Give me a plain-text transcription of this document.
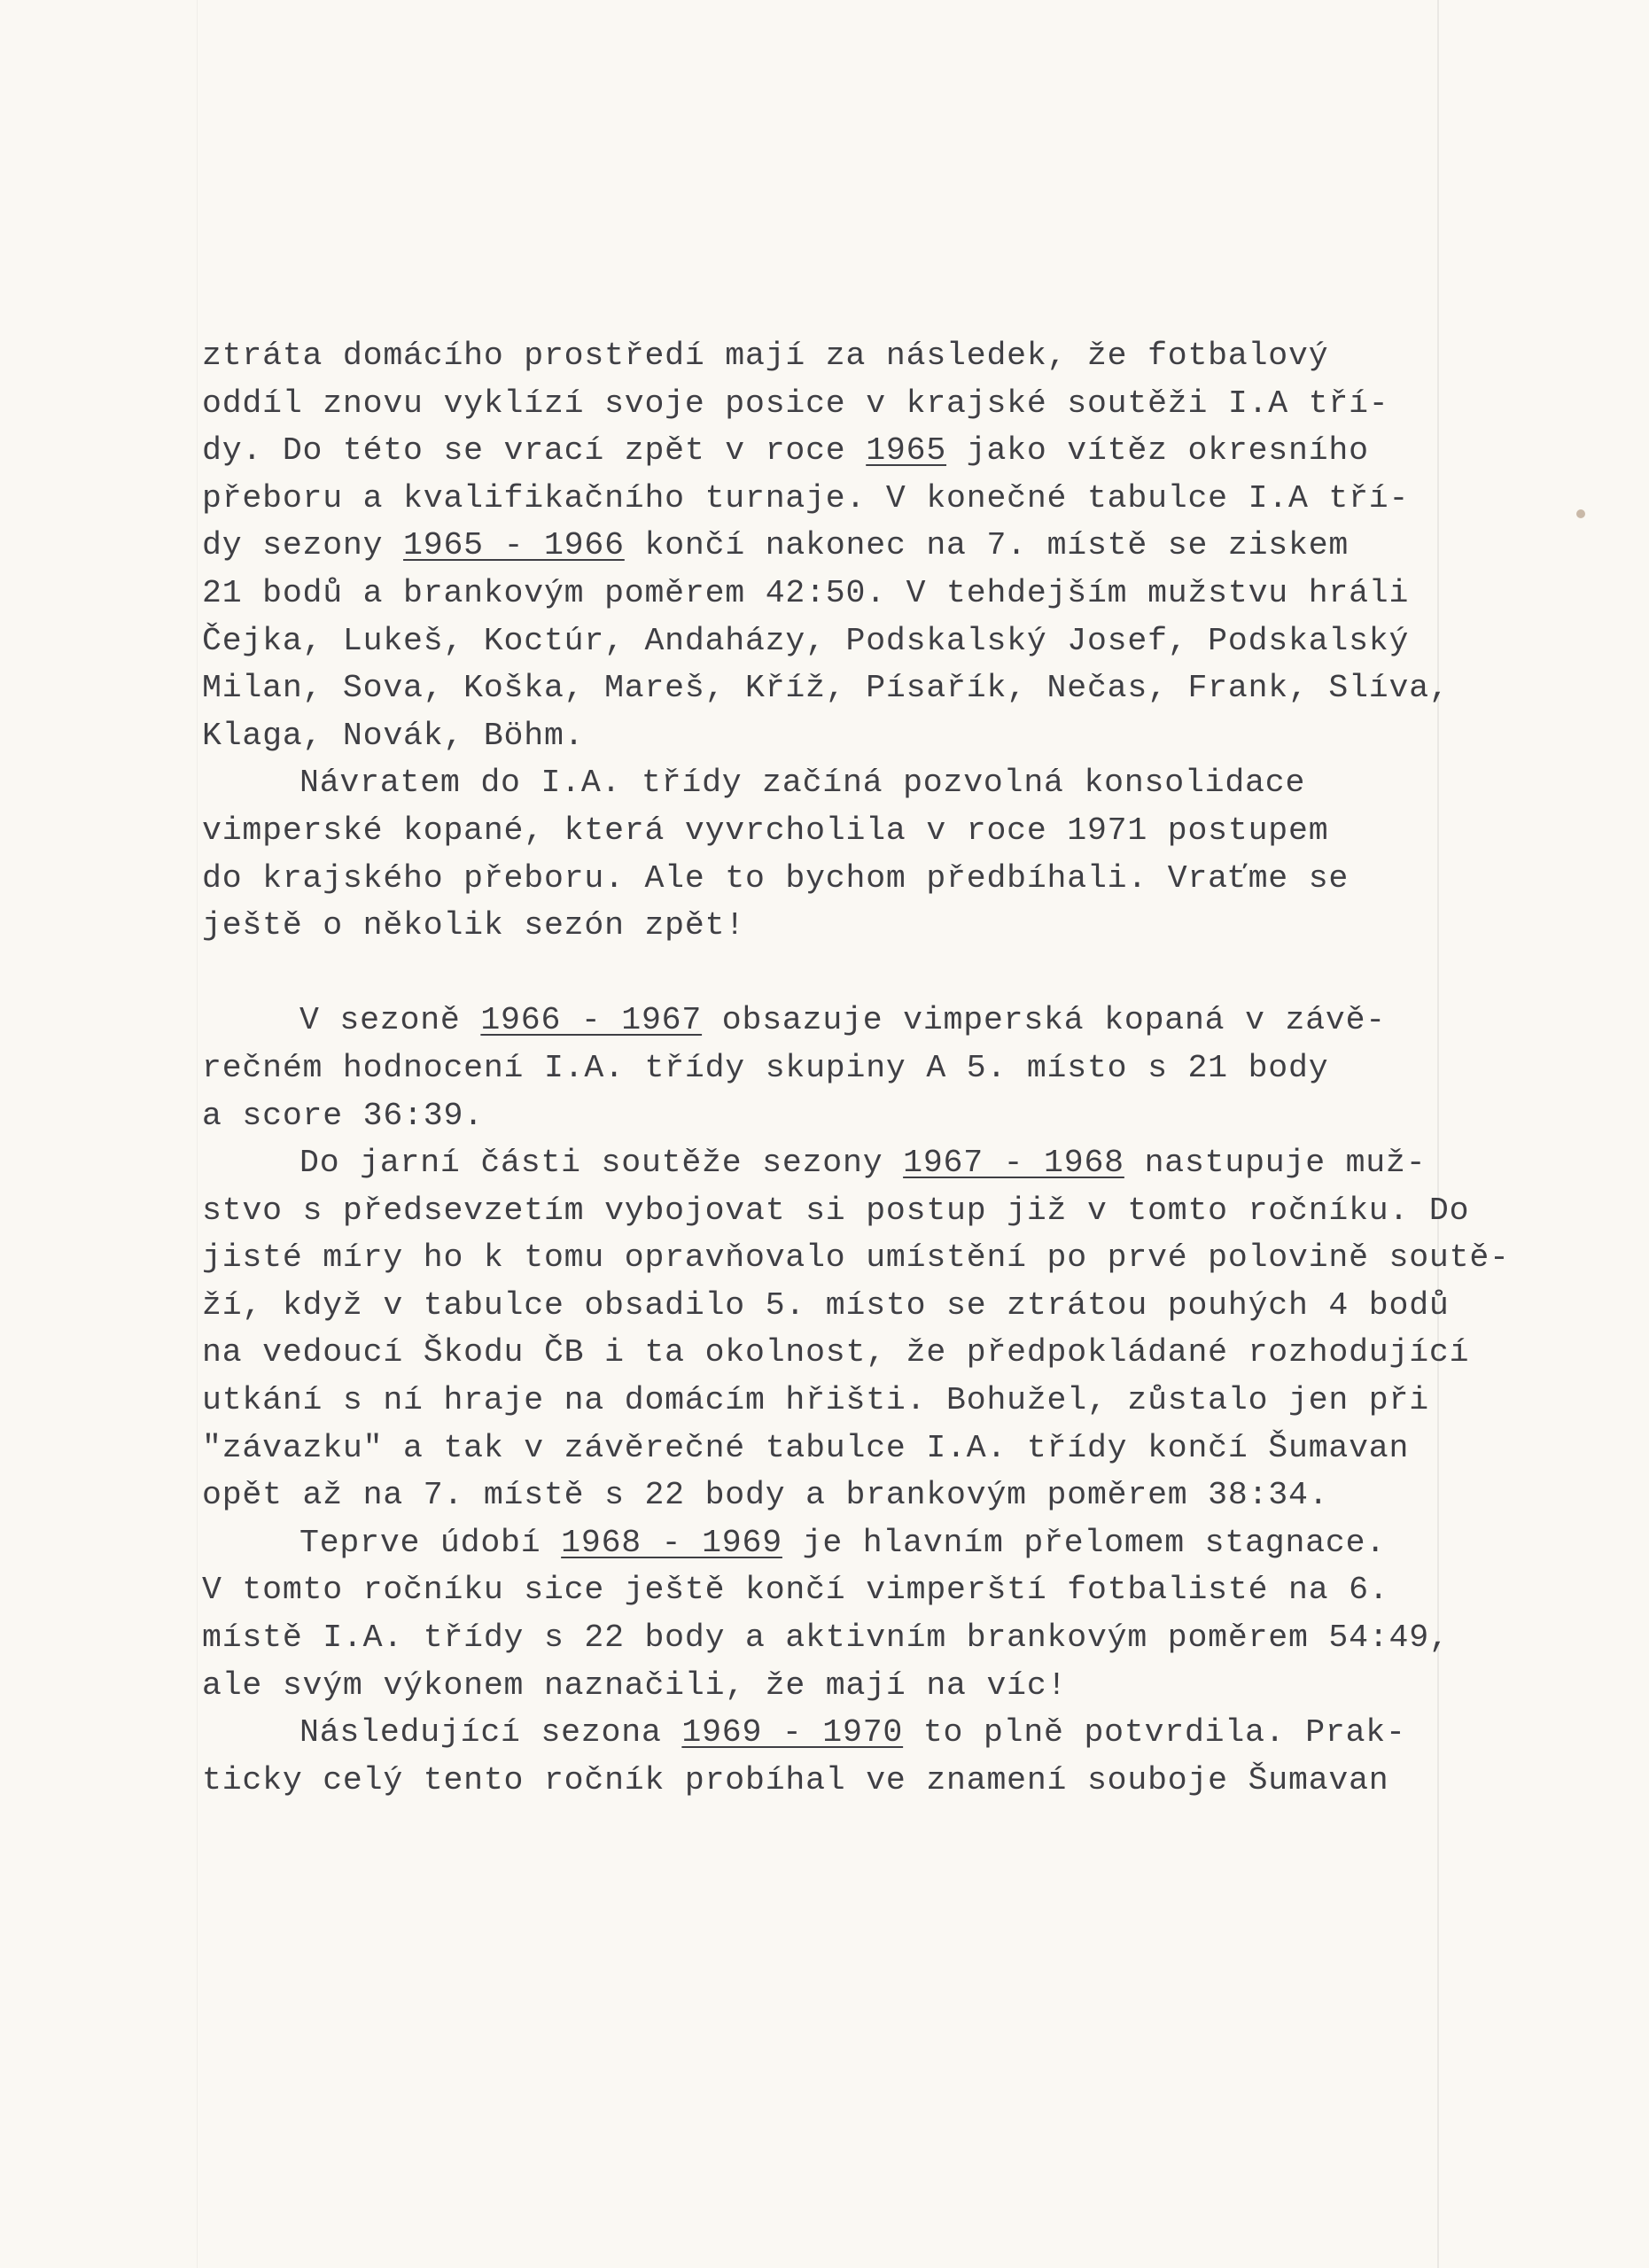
ztráta domácího prostředí mají za následek, že fotbalový
oddíl znovu vyklízí svoje posice v krajské soutěži I.A tří-
dy. Do této se vrací zpět v roce 1965 jako vítěz okresního
přeboru a kvalifikačního turnaje. V konečné tabulce I.A tří-
dy sezony 1965 - 1966 končí nakonec na 7. místě se ziskem
21 bodů a brankovým poměrem 42:50. V tehdejším mužstvu hráli
Čejka, Lukeš, Koctúr, Andaházy, Podskalský Josef, Podskalský
Milan, Sova, Koška, Mareš, Kříž, Písařík, Nečas, Frank, Slíva,
Klaga, Novák, Böhm.
Návratem do I.A. třídy začíná pozvolná konsolidace
vimperské kopané, která vyvrcholila v roce 1971 postupem
do krajského přeboru. Ale to bychom předbíhali. Vraťme se
ještě o několik sezón zpět!
V sezoně 1966 - 1967 obsazuje vimperská kopaná v závě-
rečném hodnocení I.A. třídy skupiny A 5. místo s 21 body
a score 36:39.
Do jarní části soutěže sezony 1967 - 1968 nastupuje muž-
stvo s předsevzetím vybojovat si postup již v tomto ročníku. Do
jisté míry ho k tomu opravňovalo umístění po prvé polovině soutě-
ží, když v tabulce obsadilo 5. místo se ztrátou pouhých 4 bodů
na vedoucí Škodu ČB i ta okolnost, že předpokládané rozhodující
utkání s ní hraje na domácím hřišti. Bohužel, zůstalo jen při
"závazku" a tak v závěrečné tabulce I.A. třídy končí Šumavan
opět až na 7. místě s 22 body a brankovým poměrem 38:34.
Teprve údobí 1968 - 1969 je hlavním přelomem stagnace.
V tomto ročníku sice ještě končí vimperští fotbalisté na 6.
místě I.A. třídy s 22 body a aktivním brankovým poměrem 54:49,
ale svým výkonem naznačili, že mají na víc!
Následující sezona 1969 - 1970 to plně potvrdila. Prak-
ticky celý tento ročník probíhal ve znamení souboje Šumavan
